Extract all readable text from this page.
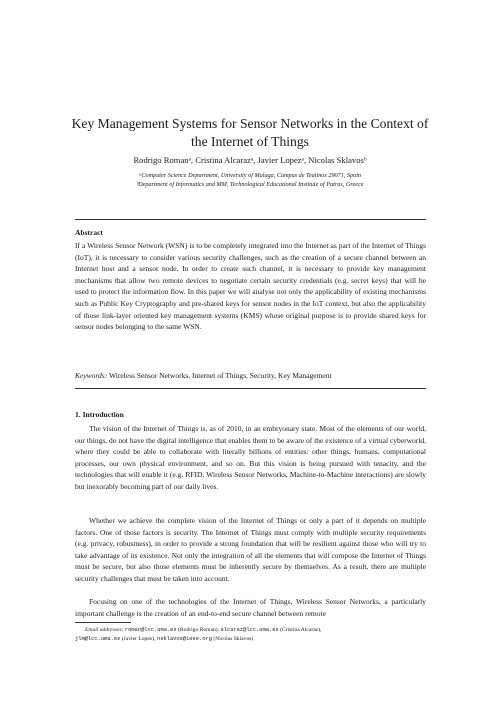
Key Management Systems for Sensor Networks in the Context of the Internet of Things

Rodrigo Romanᵃ, Cristina Alcarazᵃ, Javier Lopezᵃ, Nicolas Sklavosᵇ

ᵃComputer Science Department, University of Malaga, Campus de Teatinos 29071, Spain
ᵇDepartment of Informatics and MM, Technological Educational Institute of Patras, Greece

Abstract

If a Wireless Sensor Network (WSN) is to be completely integrated into the Internet as part of the Internet of Things (IoT), it is necessary to consider various security challenges, such as the creation of a secure channel between an Internet host and a sensor node. In order to create such channel, it is necessary to provide key management mechanisms that allow two remote devices to negotiate certain security credentials (e.g. secret keys) that will be used to protect the information flow. In this paper we will analyse not only the applicability of existing mechanisms such as Public Key Cryptography and pre-shared keys for sensor nodes in the IoT context, but also the applicability of those link-layer oriented key management systems (KMS) whose original purpose is to provide shared keys for sensor nodes belonging to the same WSN.

Keywords: Wireless Sensor Networks, Internet of Things, Security, Key Management

1. Introduction

The vision of the Internet of Things is, as of 2010, in an embryonary state. Most of the elements of our world, our things, do not have the digital intelligence that enables them to be aware of the existence of a virtual cyberworld, where they could be able to collaborate with literally billions of entities: other things, humans, computational processes, our own physical environment, and so on. But this vision is being pursued with tenacity, and the technologies that will enable it (e.g. RFID, Wireless Sensor Networks, Machine-to-Machine interactions) are slowly but inexorably becoming part of our daily lives.

Whether we achieve the complete vision of the Internet of Things or only a part of it depends on multiple factors. One of those factors is security. The Internet of Things must comply with multiple security requirements (e.g. privacy, robustness), in order to provide a strong foundation that will be resilient against those who will try to take advantage of its existence. Not only the integration of all the elements that will compose the Internet of Things must be secure, but also those elements must be inherently secure by themselves. As a result, there are multiple security challenges that must be taken into account.

Focusing on one of the technologies of the Internet of Things, Wireless Sensor Networks, a particularly important challenge is the creation of an end-to-end secure channel between remote

Email addresses: roman@lcc.uma.es (Rodrigo Roman), alcaraz@lcc.uma.es (Cristina Alcaraz),
jlm@lcc.uma.es (Javier Lopez), nsklavos@ieee.org (Nicolas Sklavos)
